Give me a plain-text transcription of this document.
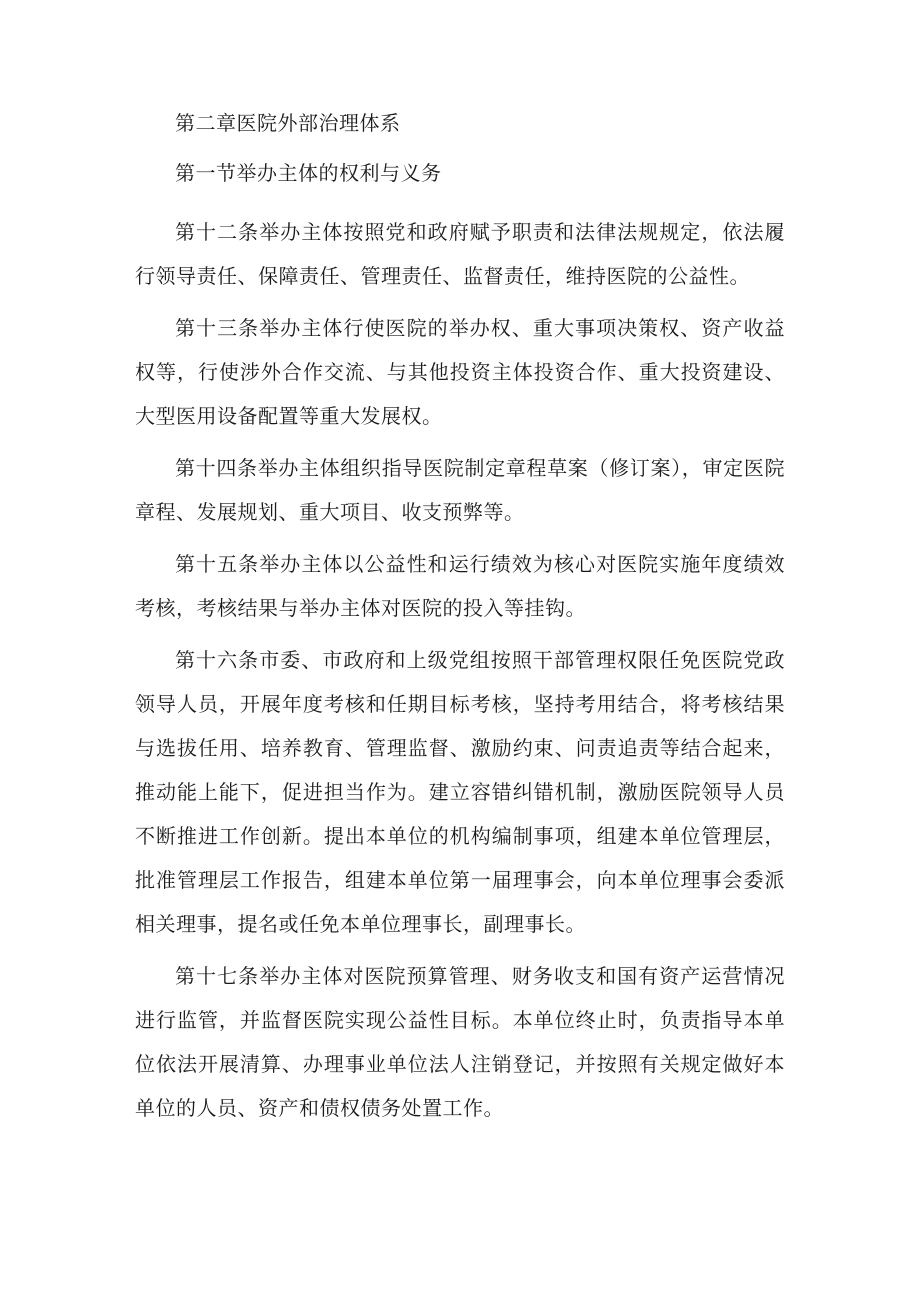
第二章医院外部治理体系

第一节举办主体的权利与义务

第十二条举办主体按照党和政府赋予职责和法律法规规定，依法履行领导责任、保障责任、管理责任、监督责任，维持医院的公益性。

第十三条举办主体行使医院的举办权、重大事项决策权、资产收益权等，行使涉外合作交流、与其他投资主体投资合作、重大投资建设、大型医用设备配置等重大发展权。

第十四条举办主体组织指导医院制定章程草案（修订案），审定医院章程、发展规划、重大项目、收支预弊等。

第十五条举办主体以公益性和运行绩效为核心对医院实施年度绩效考核，考核结果与举办主体对医院的投入等挂钩。

第十六条市委、市政府和上级党组按照干部管理权限任免医院党政领导人员，开展年度考核和任期目标考核，坚持考用结合，将考核结果与选拔任用、培养教育、管理监督、激励约束、问责追责等结合起来，推动能上能下，促进担当作为。建立容错纠错机制，激励医院领导人员不断推进工作创新。提出本单位的机构编制事项，组建本单位管理层，批准管理层工作报告，组建本单位第一届理事会，向本单位理事会委派相关理事，提名或任免本单位理事长，副理事长。

第十七条举办主体对医院预算管理、财务收支和国有资产运营情况进行监管，并监督医院实现公益性目标。本单位终止时，负责指导本单位依法开展清算、办理事业单位法人注销登记，并按照有关规定做好本单位的人员、资产和债权债务处置工作。
